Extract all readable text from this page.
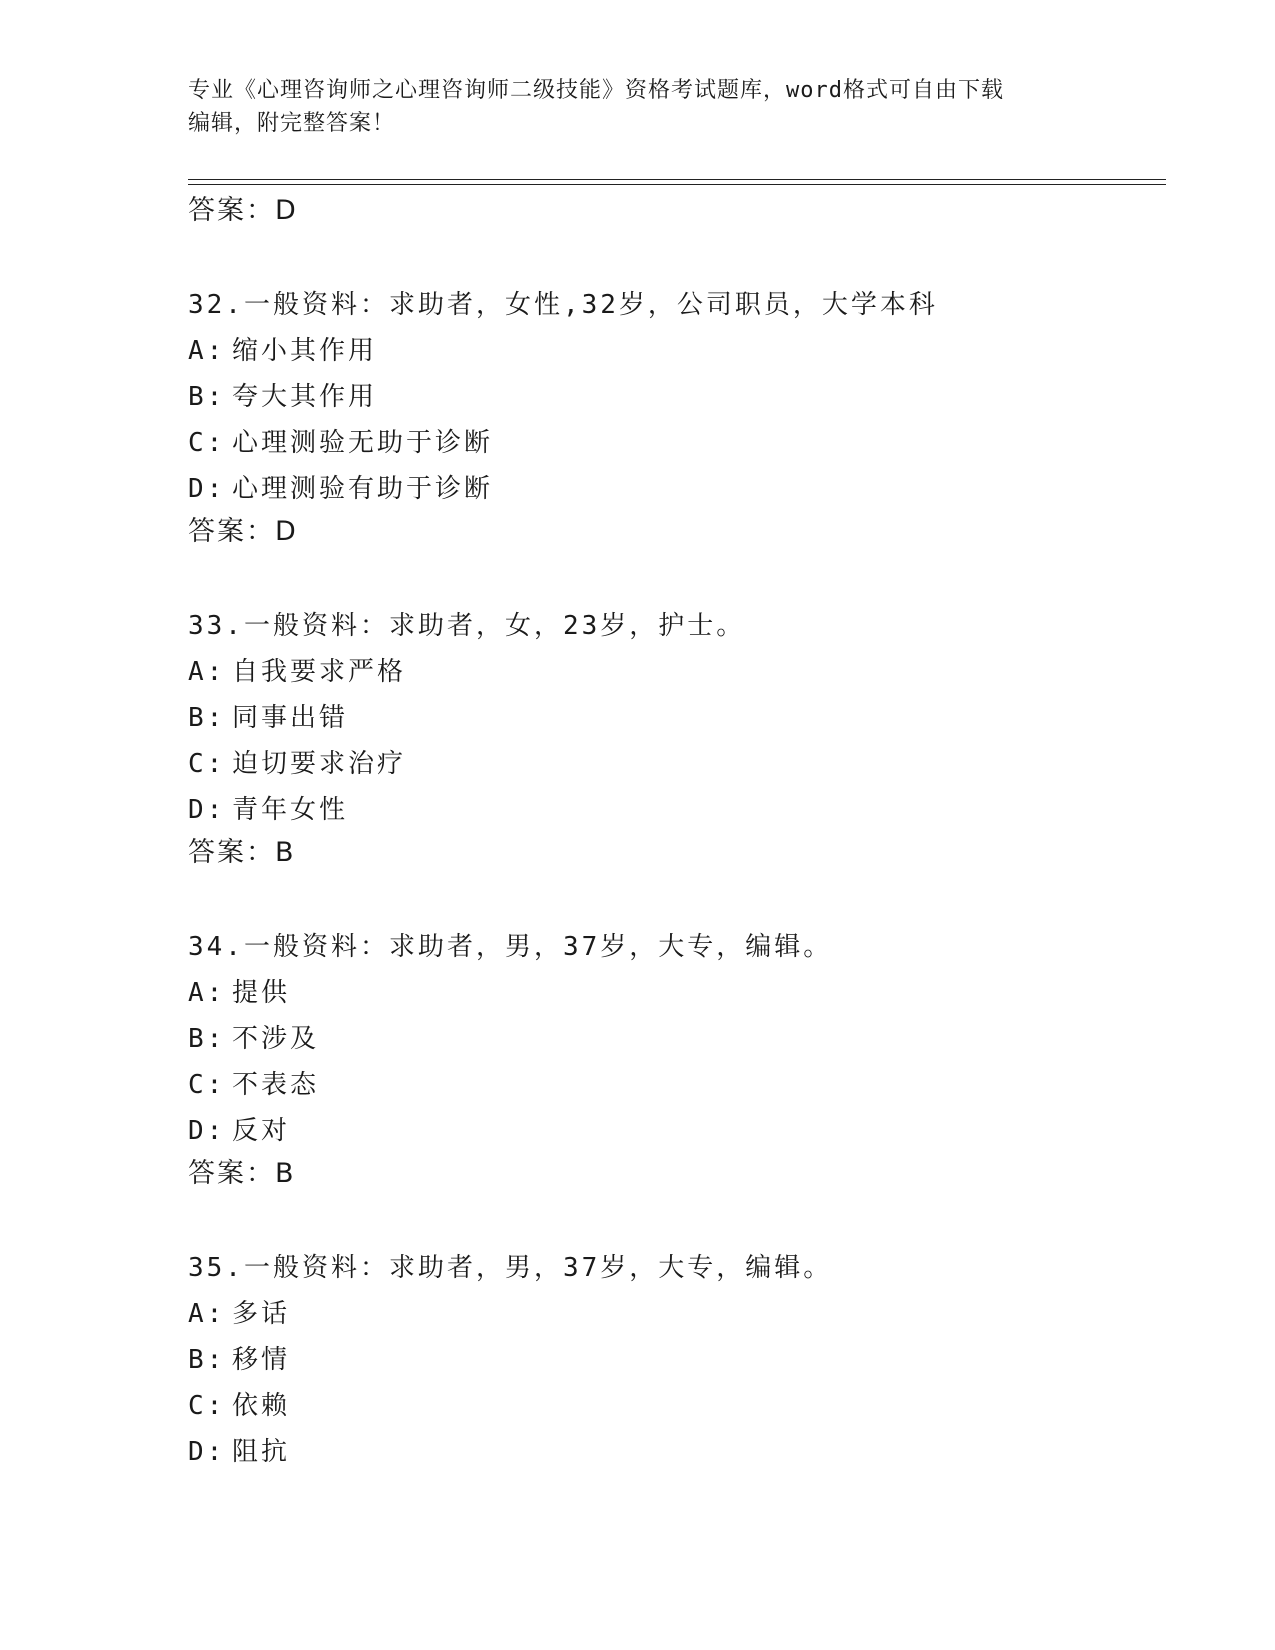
专业《心理咨询师之心理咨询师二级技能》资格考试题库，word格式可自由下载
编辑，附完整答案！
答案：D
32.一般资料：求助者，女性,32岁，公司职员，大学本科
A: 缩小其作用
B: 夸大其作用
C: 心理测验无助于诊断
D: 心理测验有助于诊断
答案：D
33.一般资料：求助者，女，23岁，护士。
A: 自我要求严格
B: 同事出错
C: 迫切要求治疗
D: 青年女性
答案：B
34.一般资料：求助者，男，37岁，大专，编辑。
A: 提供
B: 不涉及
C: 不表态
D: 反对
答案：B
35.一般资料：求助者，男，37岁，大专，编辑。
A: 多话
B: 移情
C: 依赖
D: 阻抗
